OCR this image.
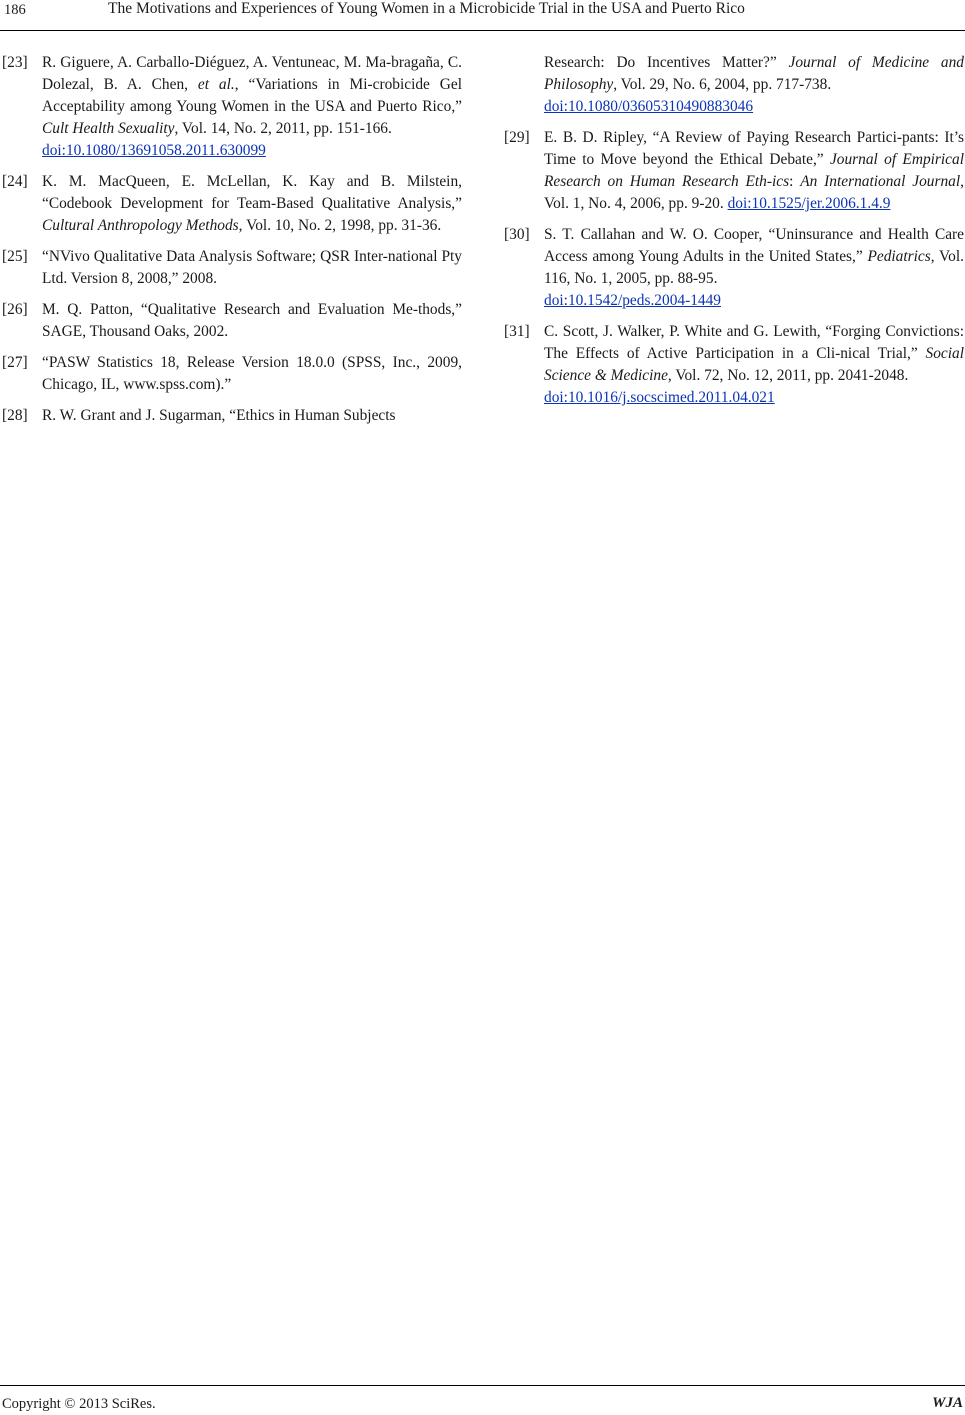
186	The Motivations and Experiences of Young Women in a Microbicide Trial in the USA and Puerto Rico
[23] R. Giguere, A. Carballo-Diéguez, A. Ventuneac, M. Ma-bragaña, C. Dolezal, B. A. Chen, et al., “Variations in Mi-crobicide Gel Acceptability among Young Women in the USA and Puerto Rico,” Cult Health Sexuality, Vol. 14, No. 2, 2011, pp. 151-166.
doi:10.1080/13691058.2011.630099
[24] K. M. MacQueen, E. McLellan, K. Kay and B. Milstein, “Codebook Development for Team-Based Qualitative Analysis,” Cultural Anthropology Methods, Vol. 10, No. 2, 1998, pp. 31-36.
[25] “NVivo Qualitative Data Analysis Software; QSR Inter-national Pty Ltd. Version 8, 2008,” 2008.
[26] M. Q. Patton, “Qualitative Research and Evaluation Me-thods,” SAGE, Thousand Oaks, 2002.
[27] “PASW Statistics 18, Release Version 18.0.0 (SPSS, Inc., 2009, Chicago, IL, www.spss.com).”
[28] R. W. Grant and J. Sugarman, “Ethics in Human Subjects
Research: Do Incentives Matter?” Journal of Medicine and Philosophy, Vol. 29, No. 6, 2004, pp. 717-738.
doi:10.1080/03605310490883046
[29] E. B. D. Ripley, “A Review of Paying Research Partici-pants: It’s Time to Move beyond the Ethical Debate,” Journal of Empirical Research on Human Research Eth-ics: An International Journal, Vol. 1, No. 4, 2006, pp. 9-20. doi:10.1525/jer.2006.1.4.9
[30] S. T. Callahan and W. O. Cooper, “Uninsurance and Health Care Access among Young Adults in the United States,” Pediatrics, Vol. 116, No. 1, 2005, pp. 88-95.
doi:10.1542/peds.2004-1449
[31] C. Scott, J. Walker, P. White and G. Lewith, “Forging Convictions: The Effects of Active Participation in a Cli-nical Trial,” Social Science & Medicine, Vol. 72, No. 12, 2011, pp. 2041-2048.
doi:10.1016/j.socscimed.2011.04.021
Copyright © 2013 SciRes.	WJA
